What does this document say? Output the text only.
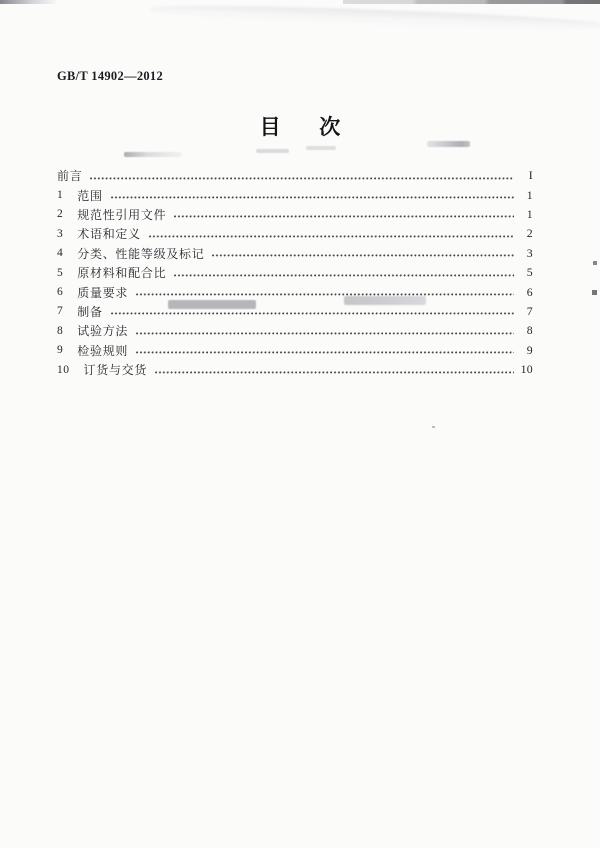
GB/T 14902—2012
目　次
前言	I
1 范围	1
2 规范性引用文件	1
3 术语和定义	2
4 分类、性能等级及标记	3
5 原材料和配合比	5
6 质量要求	6
7 制备	7
8 试验方法	8
9 检验规则	9
10 订货与交货	10
